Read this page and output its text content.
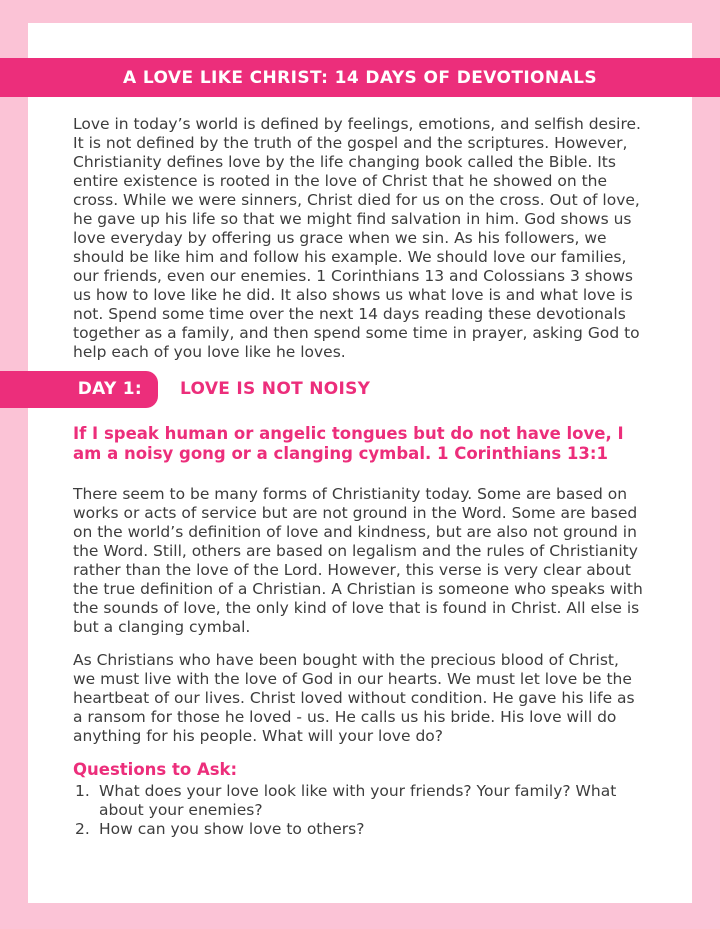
Love in today’s world is defined by feelings, emotions, and selfish desire. It is not defined by the truth of the gospel and the scriptures. However, Christianity defines love by the life changing book called the Bible. Its entire existence is rooted in the love of Christ that he showed on the cross. While we were sinners, Christ died for us on the cross. Out of love, he gave up his life so that we might find salvation in him. God shows us love everyday by offering us grace when we sin. As his followers, we should be like him and follow his example. We should love our families, our friends, even our enemies. 1 Corinthians 13 and Colossians 3 shows us how to love like he did. It also shows us what love is and what love is not. Spend some time over the next 14 days reading these devotionals together as a family, and then spend some time in prayer, asking God to help each of you love like he loves.

DAY 1: LOVE IS NOT NOISY

If I speak human or angelic tongues but do not have love, I am a noisy gong or a clanging cymbal. 1 Corinthians 13:1

There seem to be many forms of Christianity today. Some are based on works or acts of service but are not ground in the Word. Some are based on the world’s definition of love and kindness, but are also not ground in the Word. Still, others are based on legalism and the rules of Christianity rather than the love of the Lord. However, this verse is very clear about the true definition of a Christian. A Christian is someone who speaks with the sounds of love, the only kind of love that is found in Christ. All else is but a clanging cymbal.

As Christians who have been bought with the precious blood of Christ, we must live with the love of God in our hearts. We must let love be the heartbeat of our lives. Christ loved without condition. He gave his life as a ransom for those he loved - us. He calls us his bride. His love will do anything for his people. What will your love do?

Questions to Ask:

What does your love look like with your friends? Your family? What about your enemies?
How can you show love to others?
A LOVE LIKE CHRIST: 14 DAYS OF DEVOTIONALS
